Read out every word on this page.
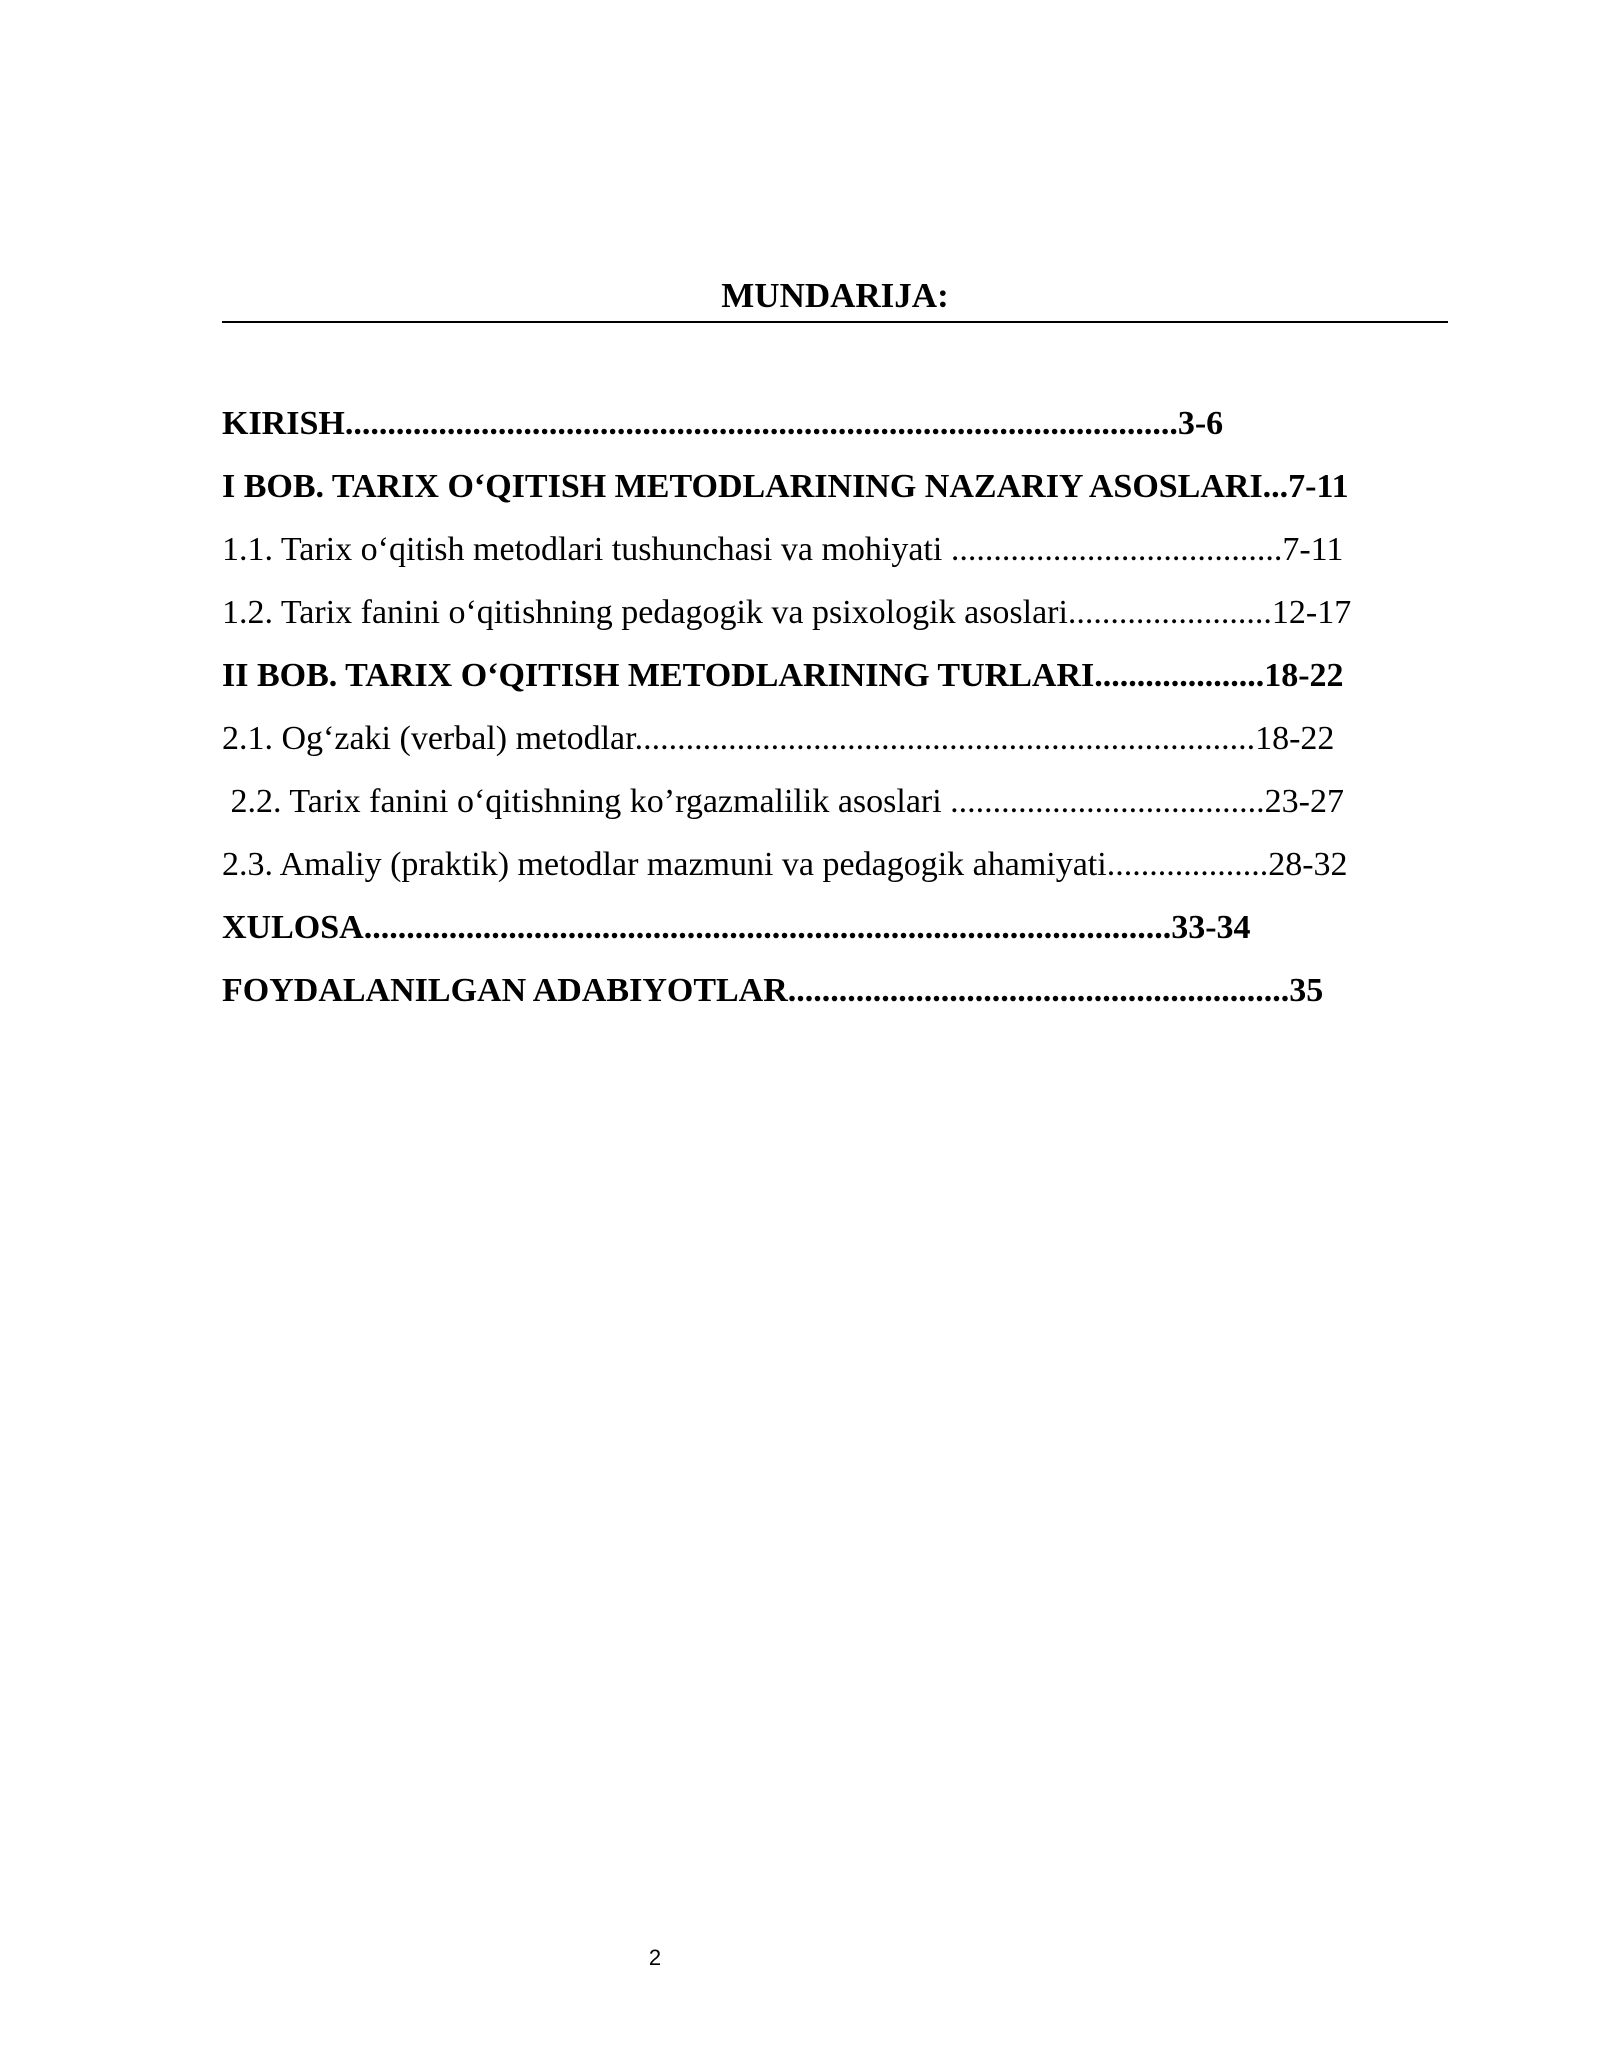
MUNDARIJA:
KIRISH..................................................................................................3-6
I BOB. TARIX O‘QITISH METODLARINING NAZARIY ASOSLARI...7-11
1.1. Tarix o‘qitish metodlari tushunchasi va mohiyati .......................................7-11
1.2. Tarix fanini o‘qitishning pedagogik va psixologik asoslari........................12-17
II BOB. TARIX O‘QITISH METODLARINING TURLARI....................18-22
2.1. Og‘zaki (verbal) metodlar.........................................................................18-22
2.2. Tarix fanini o‘qitishning ko’rgazmalilik asoslari .....................................23-27
2.3. Amaliy (praktik) metodlar mazmuni va pedagogik ahamiyati...................28-32
XULOSA...............................................................................................33-34
FOYDALANILGAN ADABIYOTLAR...........................................................35
2
